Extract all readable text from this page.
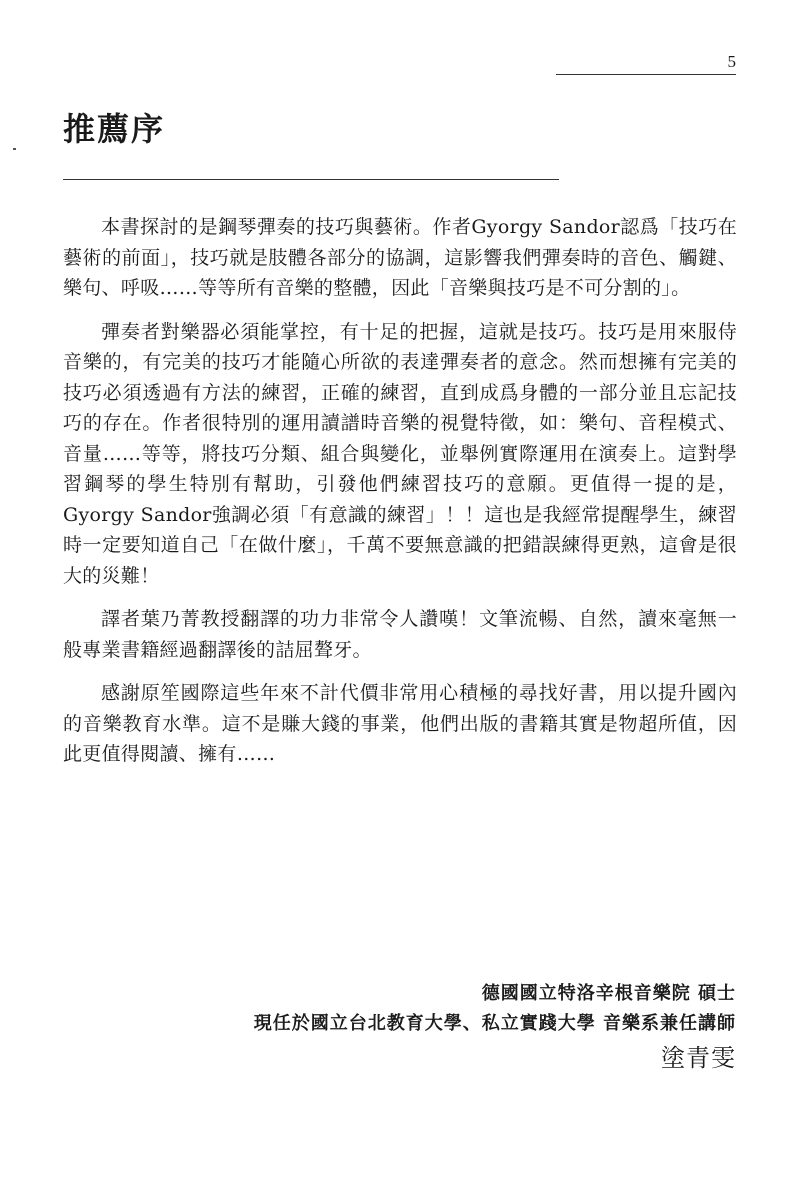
5
推薦序

本書探討的是鋼琴彈奏的技巧與藝術。作者Gyorgy Sandor認爲「技巧在藝術的前面」，技巧就是肢體各部分的協調，這影響我們彈奏時的音色、觸鍵、樂句、呼吸……等等所有音樂的整體，因此「音樂與技巧是不可分割的」。

彈奏者對樂器必須能掌控，有十足的把握，這就是技巧。技巧是用來服侍音樂的，有完美的技巧才能隨心所欲的表達彈奏者的意念。然而想擁有完美的技巧必須透過有方法的練習，正確的練習，直到成爲身體的一部分並且忘記技巧的存在。作者很特別的運用讀譜時音樂的視覺特徵，如：樂句、音程模式、音量……等等，將技巧分類、組合與變化，並舉例實際運用在演奏上。這對學習鋼琴的學生特別有幫助，引發他們練習技巧的意願。更值得一提的是，Gyorgy Sandor強調必須「有意識的練習」！！這也是我經常提醒學生，練習時一定要知道自己「在做什麼」，千萬不要無意識的把錯誤練得更熟，這會是很大的災難！

譯者葉乃菁教授翻譯的功力非常令人讚嘆！文筆流暢、自然，讀來毫無一般專業書籍經過翻譯後的詰屈聱牙。

感謝原笙國際這些年來不計代價非常用心積極的尋找好書，用以提升國內的音樂教育水準。這不是賺大錢的事業，他們出版的書籍其實是物超所值，因此更值得閱讀、擁有……

德國國立特洛辛根音樂院 碩士
現任於國立台北教育大學、私立實踐大學 音樂系兼任講師
塗青雯
